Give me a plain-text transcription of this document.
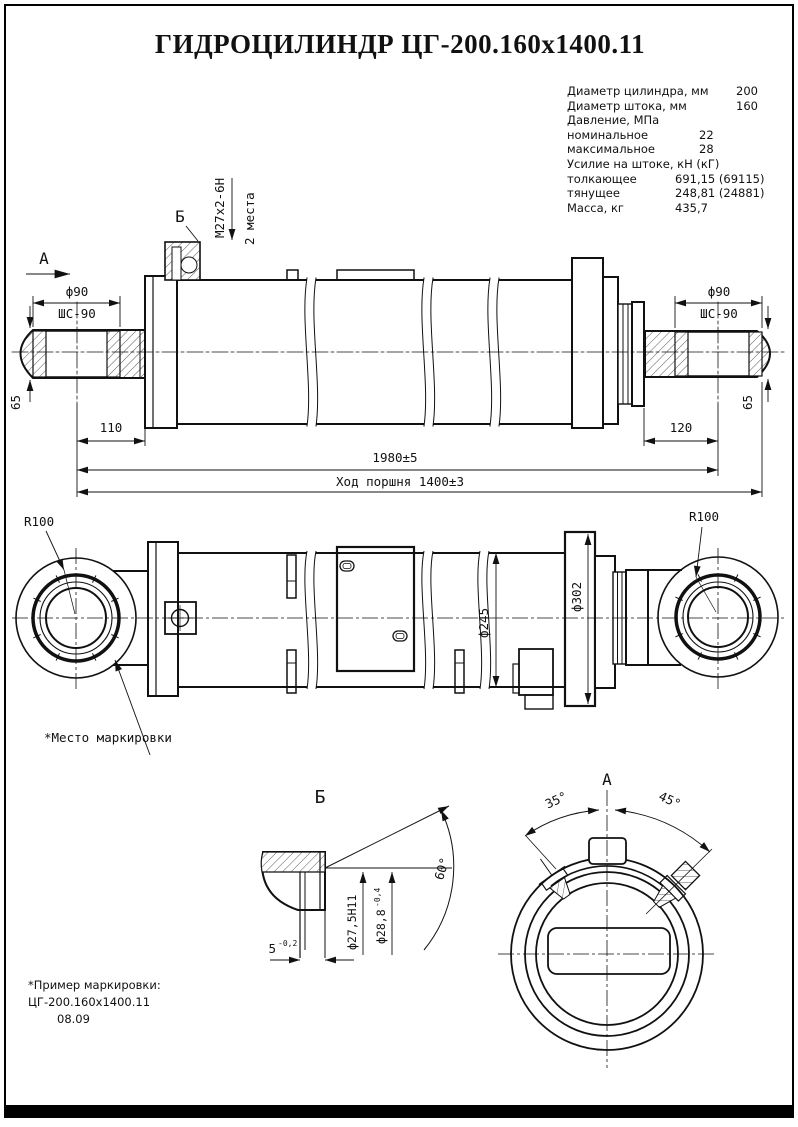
ГИДРОЦИЛИНДР ЦГ-200.160x1400.11
Диаметр цилиндра, мм 200
Диаметр штока, мм	160
Давление, МПа
номинальное	22
максимальное	28
Усилие на штоке, кН (кГ)
толкающее	691,15 (69115)
тянущее	248,81 (24881)
Масса, кг	435,7
А
Б М27х2-6Н 2 места
ф90
ШС-90
65
ф90
ШС-90
65
110	120
1980±5
Ход поршня 1400±3
R100	R100
ф245
ф302
*Место маркировки
Б
5 -0,2	ф27,5Н11 ф28,8
-0,4
60°
А
35°	45°
*Пример маркировки:
ЦГ-200.160x1400.11
08.09
